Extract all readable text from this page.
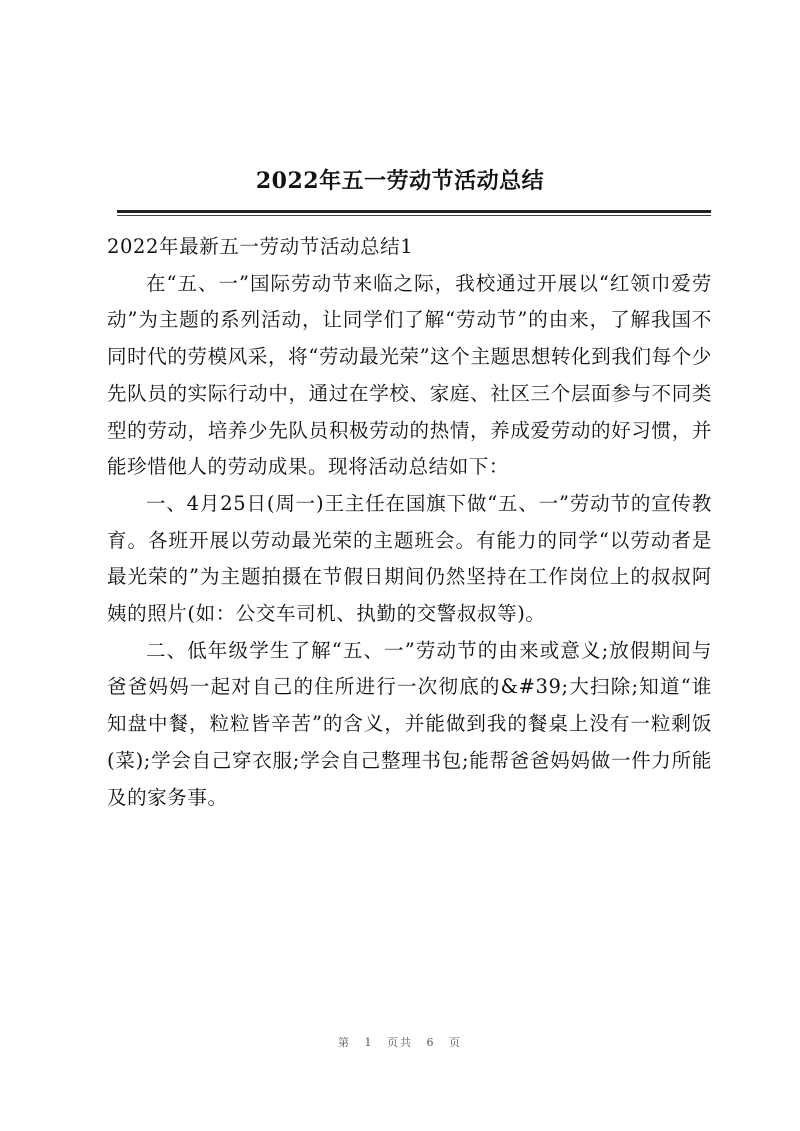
2022年五一劳动节活动总结

2022年最新五一劳动节活动总结1

在“五、一”国际劳动节来临之际，我校通过开展以“红领巾爱劳动”为主题的系列活动，让同学们了解“劳动节”的由来，了解我国不同时代的劳模风采，将“劳动最光荣”这个主题思想转化到我们每个少先队员的实际行动中，通过在学校、家庭、社区三个层面参与不同类型的劳动，培养少先队员积极劳动的热情，养成爱劳动的好习惯，并能珍惜他人的劳动成果。现将活动总结如下：

一、4月25日(周一)王主任在国旗下做“五、一”劳动节的宣传教育。各班开展以劳动最光荣的主题班会。有能力的同学“以劳动者是最光荣的”为主题拍摄在节假日期间仍然坚持在工作岗位上的叔叔阿姨的照片(如：公交车司机、执勤的交警叔叔等)。

二、低年级学生了解“五、一”劳动节的由来或意义;放假期间与爸爸妈妈一起对自己的住所进行一次彻底的&#39;大扫除;知道“谁知盘中餐，粒粒皆辛苦”的含义，并能做到我的餐桌上没有一粒剩饭(菜);学会自己穿衣服;学会自己整理书包;能帮爸爸妈妈做一件力所能及的家务事。

第 1 页共 6 页
